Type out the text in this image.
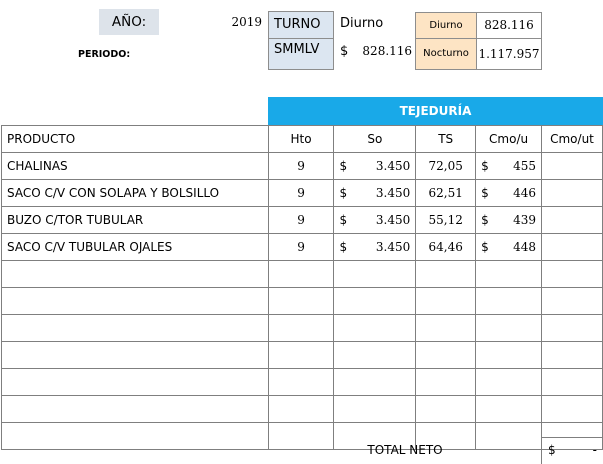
AÑO:
PERIODO:
2019 TURNO	Diurno
SMMLV	$ 828.116
Diurno	828.116
Nocturno 1.117.957
TEJEDURÍA
PRODUCTO	Hto	So	TS	Cmo/u	Cmo/ut
CHALINAS	9	$ 3.450	72,05	$ 455	

SACO C/V CON SOLAPA Y BOLSILLO	9	$ 3.450	62,51	$ 446	

BUZO C/TOR TUBULAR	9	$ 3.450	55,12	$ 439	

SACO C/V TUBULAR OJALES	9	$ 3.450	64,46	$ 448	

TOTAL NETO	$	-
